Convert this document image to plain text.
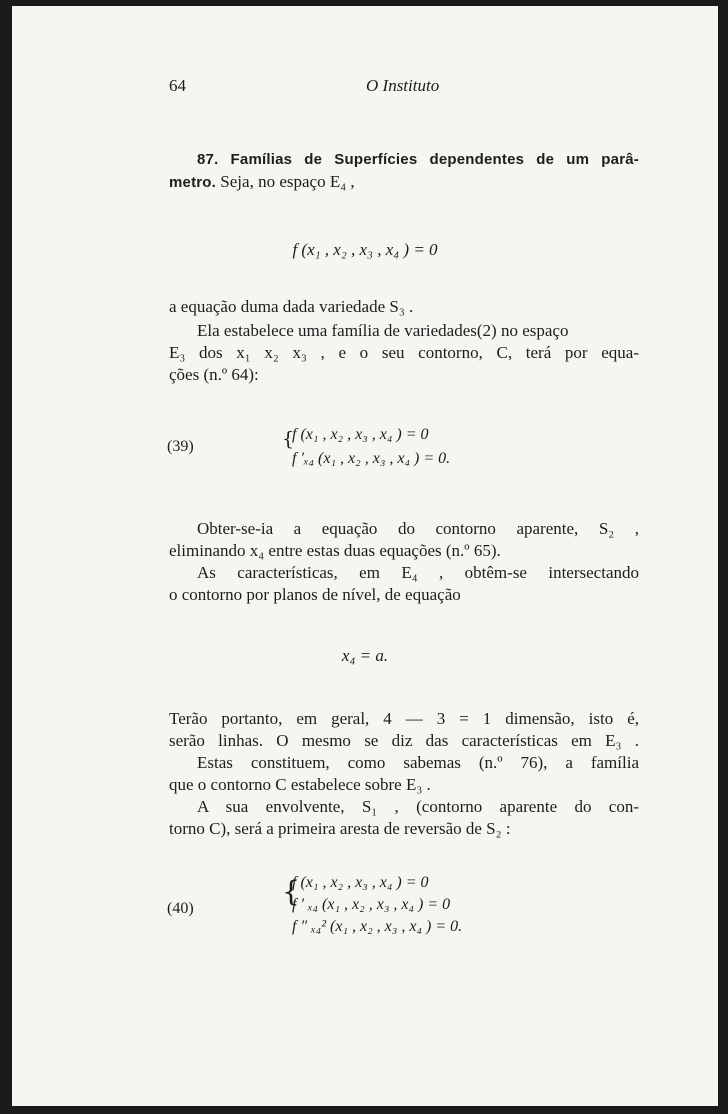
64	O Instituto
87. Famílias de Superfícies dependentes de um parâ-
metro. Seja, no espaço E₄ ,
f (x₁ , x₂ , x₃ , x₄ ) = 0
a equação duma dada variedade S₃ .
Ela estabelece uma família de variedades(2) no espaço
E₃ dos x₁ x₂ x₃ , e o seu contorno, C, terá por equa-
ções (n.º 64):
(39)	{
f (x₁ , x₂ , x₃ , x₄ ) = 0
f ′ₓ₄ (x₁ , x₂ , x₃ , x₄ ) = 0.
Obter-se-ia a equação do contorno aparente, S₂ ,
eliminando x₄ entre estas duas equações (n.º 65).
As características, em E₄ , obtêm-se intersectando
o contorno por planos de nível, de equação
x₄ = a.
Terão portanto, em geral, 4 — 3 = 1 dimensão, isto é,
serão linhas. O mesmo se diz das características em E₃ .
Estas constituem, como sabemas (n.º 76), a família
que o contorno C estabelece sobre E₃ .
A sua envolvente, S₁ , (contorno aparente do con-
torno C), será a primeira aresta de reversão de S₂ :
(40)
{
f (x₁ , x₂ , x₃ , x₄ ) = 0
f ′ ₓ₄ (x₁ , x₂ , x₃ , x₄ ) = 0
f ″ ₓ₄² (x₁ , x₂ , x₃ , x₄ ) = 0.
